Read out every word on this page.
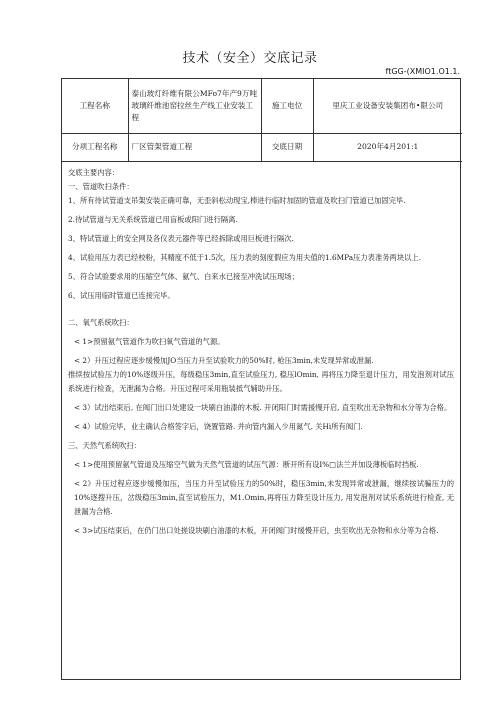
技术（安全）交底记录
ftGG-(XMIO1.O1.1.
工程名称	泰山玻灯纤维有限公MFo7年产9万吨玻璃纤维池窑拉丝生产线工业安装工程	施工电位	里庆工业设备安装集团布•限公司
分项工程名称	厂区管架管道工程	交底日期	2020年4月201:1

交底主要内容：

一、管道吹扫条件：

1、所有待试管道支吊架安装正确可靠，无歪斜松动现宝,棒进行临时加固的管道及吹扫门管道已加固完毕.

2.待试管道与无关系统管道已用盲板或阳门进行隔离.

3、特试管道上的安全网及各仪表元器件等已经拆除或用巨板进行隔次.

4、试验用压力表已经校粉，其精度不低于1.5次，压力表的刻度假应为用夫值的1.6MPa压力表准务两块以上.

5、符合试验要求用的压缩空气体、氨气、白来水已接至冲洗试压现场；

6、试压用临时管道已连接完毕。

二、氧气系统吹扫：

< 1>预留氨气管道作为吹扫氧气管道的气源。

< 2）升压过程应逐步缓慢加JO当压力升至试验吹力的50%时, 枪压3min,未发现异常或泄漏.

推续按试验压力的10%逐级升压，每级稳压3min,直至试验压力, 稳压lOmin, 再将压力降至退计压力，用发泡剂对试压系统进行检查，无泄漏为合格。升压过程可采用瓶装抵气辅助升压。

< 3）试出结束后, 在阀门出口处建设一块刷白油漆的木板. 开闭阳门时需援慢开启, 直至吹出无杂物和水分等为合格。

< 4）试验完毕，业主确认合格签字后，饶置管路. 并向管内漏入少用氮气. 关Hi所有阀门.

三、天然气系统吹扫：

< 1>使用预留氨气管道及压缩空气做为天然气管道的试压气源：断开所有设I%□法兰并加设薄板临时挡板.

< 2》升压过程应逐步缓慢加压，当压力升至试验压力的50%时，稳压3min,未发现异常或泄漏，继续按试骗压力的10%逐搜升压，岔级稳压3min,直至试验压力，M1.Omin,再将压力降至设计压力, 用发泡剂对试乐系统进行检查, 无泄漏为合格.

< 3>试压结束后，在仍门出口处搓设块刷白油漆的木板，开闭阀门时缓慢开启，虫至吹出无杂物和水分等为合格.
